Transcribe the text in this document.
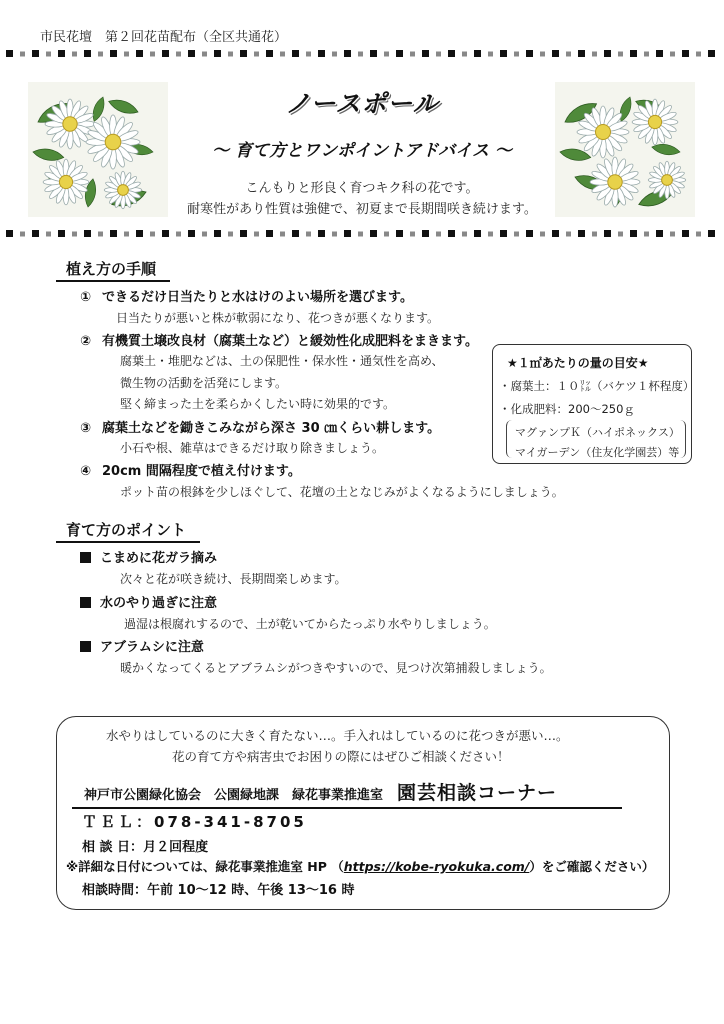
市民花壇　第２回花苗配布（全区共通花）
ノースポール
～ 育て方とワンポイントアドバイス ～
こんもりと形良く育つキク科の花です。
耐寒性があり性質は強健で、初夏まで長期間咲き続けます。
植え方の手順
① できるだけ日当たりと水はけのよい場所を選びます。
日当たりが悪いと株が軟弱になり、花つきが悪くなります。
② 有機質土壌改良材（腐葉土など）と緩効性化成肥料をまきます。
腐葉土・堆肥などは、土の保肥性・保水性・通気性を高め、
微生物の活動を活発にします。
堅く締まった土を柔らかくしたい時に効果的です。
③ 腐葉土などを鋤きこみながら深さ 30 ㎝くらい耕します。
小石や根、雑草はできるだけ取り除きましょう。
④ 20cm 間隔程度で植え付けます。
ポット苗の根鉢を少しほぐして、花壇の土となじみがよくなるようにしましょう。
★１㎡あたりの量の目安★
・腐葉土：１０㍑（バケツ１杯程度）
・化成肥料：200～250ｇ
マグァンプＫ（ハイポネックス）
マイガーデン（住友化学園芸）等
育て方のポイント
こまめに花ガラ摘み
次々と花が咲き続け、長期間楽しめます。
水のやり過ぎに注意
過湿は根腐れするので、土が乾いてからたっぷり水やりしましょう。
アブラムシに注意
暖かくなってくるとアブラムシがつきやすいので、見つけ次第捕殺しましょう。
水やりはしているのに大きく育たない…。手入れはしているのに花つきが悪い…。
花の育て方や病害虫でお困りの際にはぜひご相談ください！
神戸市公園緑化協会　公園緑地課　緑花事業推進室 園芸相談コーナー
ＴＥＬ：078-341-8705
相 談 日：月２回程度
※詳細な日付については、緑花事業推進室 HP （https://kobe-ryokuka.com/）をご確認ください）
相談時間：午前 10～12 時、午後 13～16 時
